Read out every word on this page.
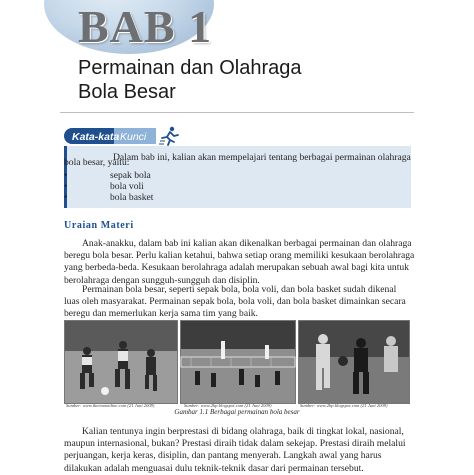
BAB 1
Permainan dan Olahraga
Bola Besar
Kata-kata Kunci
Dalam bab ini, kalian akan mempelajari tentang berbagai permainan olahraga
bola besar, yaitu:
•	sepak bola
•	bola voli
•	bola basket
Uraian Materi
Anak-anakku, dalam bab ini kalian akan dikenalkan berbagai permainan dan olahraga
beregu bola besar. Perlu kalian ketahui, bahwa setiap orang memiliki kesukaan berolahraga
yang berbeda-beda. Kesukaan berolahraga adalah merupakan sebuah awal bagi kita untuk
berolahraga dengan sungguh-sungguh dan disiplin.
Permainan bola besar, seperti sepak bola, bola voli, dan bola basket sudah dikenal
luas oleh masyarakat. Permainan sepak bola, bola voli, dan bola basket dimainkan secara
beregu dan memerlukan kerja sama tim yang baik.
Sumber: www.theemaonline.com (21 Juni 2009)	Sumber: www.2bp.blogspot.com (21 Juni 2009)	Sumber: www.2bp.blogspot.com (21 Juni 2009)
Gambar 1.1 Berbagai permainan bola besar
Kalian tentunya ingin berprestasi di bidang olahraga, baik di tingkat lokal, nasional,
maupun internasional, bukan? Prestasi diraih tidak dalam sekejap. Prestasi diraih melalui
perjuangan, kerja keras, disiplin, dan pantang menyerah. Langkah awal yang harus
dilakukan adalah menguasai dulu teknik-teknik dasar dari permainan tersebut.
